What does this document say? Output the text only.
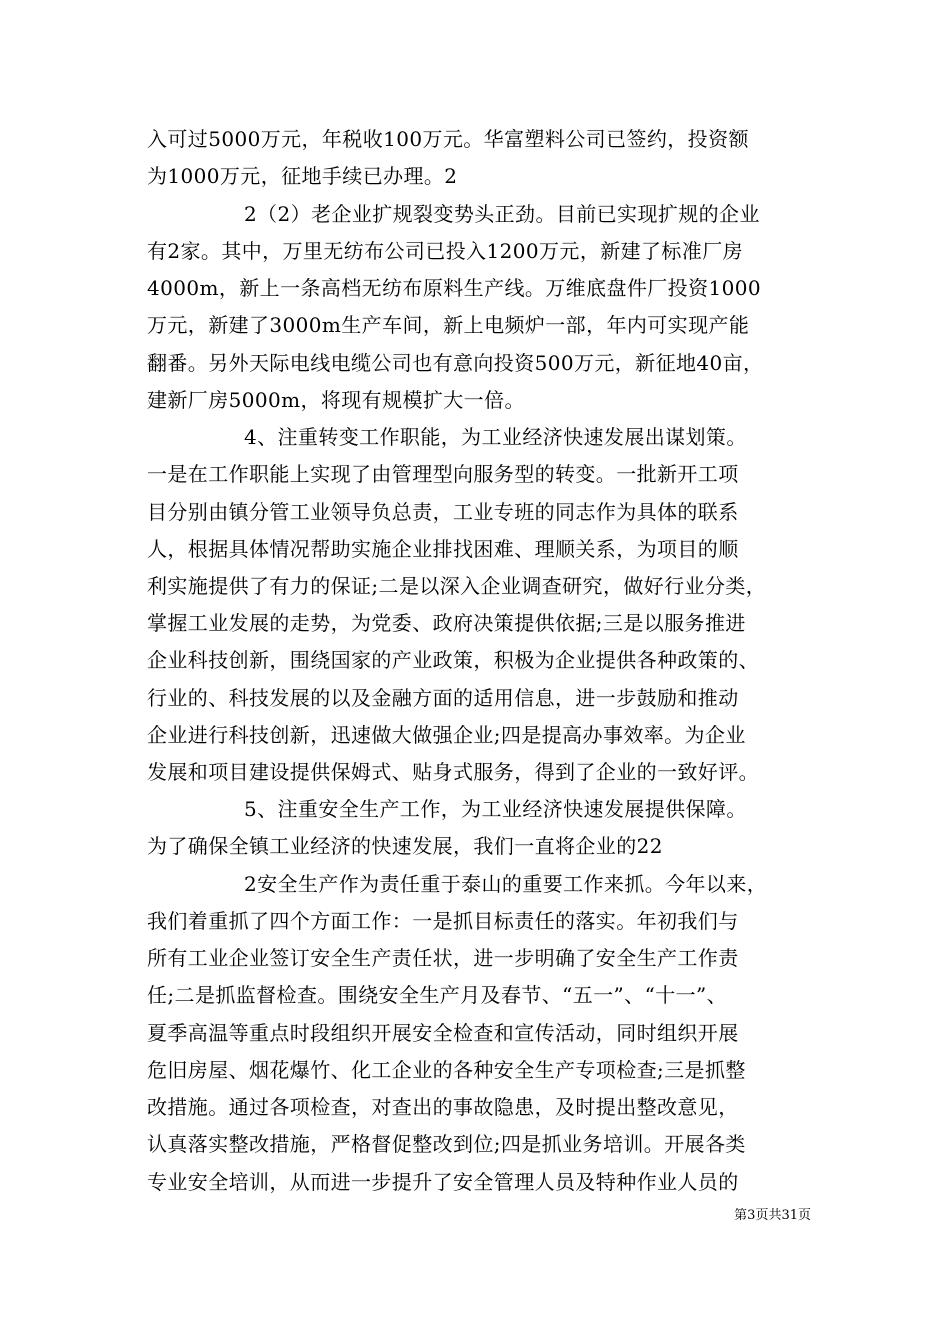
入可过5000万元，年税收100万元。华富塑料公司已签约，投资额
为1000万元，征地手续已办理。2
2（2）老企业扩规裂变势头正劲。目前已实现扩规的企业
有2家。其中，万里无纺布公司已投入1200万元，新建了标准厂房
4000m，新上一条高档无纺布原料生产线。万维底盘件厂投资1000
万元，新建了3000m生产车间，新上电频炉一部，年内可实现产能
翻番。另外天际电线电缆公司也有意向投资500万元，新征地40亩，
建新厂房5000m，将现有规模扩大一倍。
4、注重转变工作职能，为工业经济快速发展出谋划策。
一是在工作职能上实现了由管理型向服务型的转变。一批新开工项
目分别由镇分管工业领导负总责，工业专班的同志作为具体的联系
人，根据具体情况帮助实施企业排找困难、理顺关系，为项目的顺
利实施提供了有力的保证;二是以深入企业调查研究，做好行业分类，
掌握工业发展的走势，为党委、政府决策提供依据;三是以服务推进
企业科技创新，围绕国家的产业政策，积极为企业提供各种政策的、
行业的、科技发展的以及金融方面的适用信息，进一步鼓励和推动
企业进行科技创新，迅速做大做强企业;四是提高办事效率。为企业
发展和项目建设提供保姆式、贴身式服务，得到了企业的一致好评。
5、注重安全生产工作，为工业经济快速发展提供保障。
为了确保全镇工业经济的快速发展，我们一直将企业的22
2安全生产作为责任重于泰山的重要工作来抓。今年以来，
我们着重抓了四个方面工作：一是抓目标责任的落实。年初我们与
所有工业企业签订安全生产责任状，进一步明确了安全生产工作责
任;二是抓监督检查。围绕安全生产月及春节、“五一”、“十一”、
夏季高温等重点时段组织开展安全检查和宣传活动，同时组织开展
危旧房屋、烟花爆竹、化工企业的各种安全生产专项检查;三是抓整
改措施。通过各项检查，对查出的事故隐患，及时提出整改意见，
认真落实整改措施，严格督促整改到位;四是抓业务培训。开展各类
专业安全培训，从而进一步提升了安全管理人员及特种作业人员的
第3页共31页
